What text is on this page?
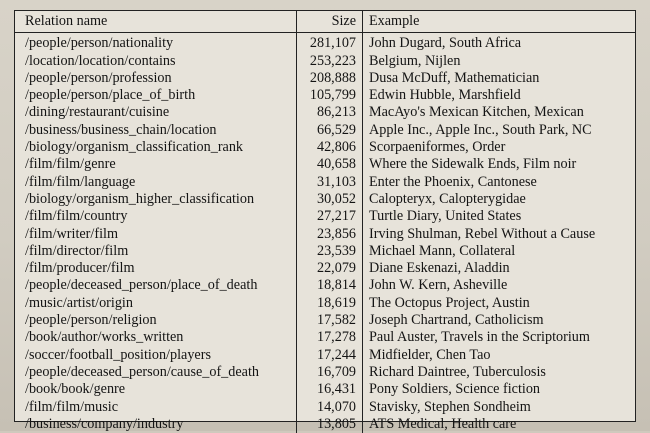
Relation name	Size	Example
/people/person/nationality	281,107	John Dugard, South Africa
/location/location/contains	253,223	Belgium, Nijlen
/people/person/profession	208,888	Dusa McDuff, Mathematician
/people/person/place_of_birth	105,799	Edwin Hubble, Marshfield
/dining/restaurant/cuisine	86,213	MacAyo's Mexican Kitchen, Mexican
/business/business_chain/location	66,529	Apple Inc., Apple Inc., South Park, NC
/biology/organism_classification_rank	42,806	Scorpaeniformes, Order
/film/film/genre	40,658	Where the Sidewalk Ends, Film noir
/film/film/language	31,103	Enter the Phoenix, Cantonese
/biology/organism_higher_classification	30,052	Calopteryx, Calopterygidae
/film/film/country	27,217	Turtle Diary, United States
/film/writer/film	23,856	Irving Shulman, Rebel Without a Cause
/film/director/film	23,539	Michael Mann, Collateral
/film/producer/film	22,079	Diane Eskenazi, Aladdin
/people/deceased_person/place_of_death	18,814	John W. Kern, Asheville
/music/artist/origin	18,619	The Octopus Project, Austin
/people/person/religion	17,582	Joseph Chartrand, Catholicism
/book/author/works_written	17,278	Paul Auster, Travels in the Scriptorium
/soccer/football_position/players	17,244	Midfielder, Chen Tao
/people/deceased_person/cause_of_death	16,709	Richard Daintree, Tuberculosis
/book/book/genre	16,431	Pony Soldiers, Science fiction
/film/film/music	14,070	Stavisky, Stephen Sondheim
/business/company/industry	13,805	ATS Medical, Health care
